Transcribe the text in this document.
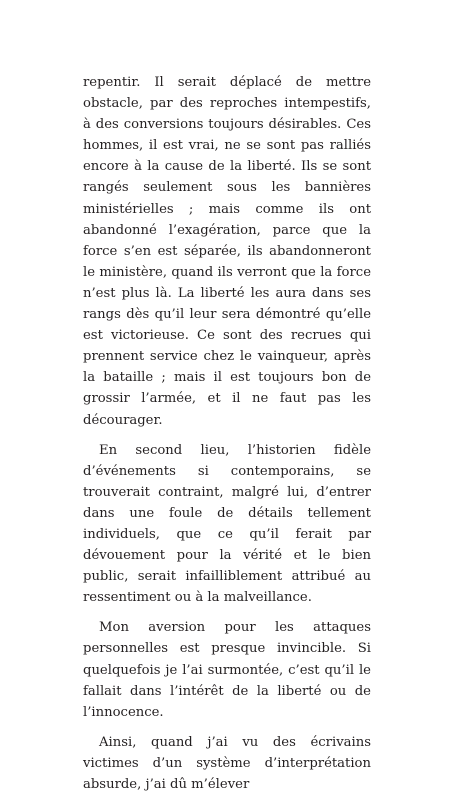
repentir. Il serait déplacé de mettre obstacle, par des reproches intempestifs, à des conversions toujours désirables. Ces hommes, il est vrai, ne se sont pas ralliés encore à la cause de la liberté. Ils se sont rangés seulement sous les bannières ministérielles ; mais comme ils ont abandonné l’exagération, parce que la force s’en est séparée, ils abandonneront le ministère, quand ils verront que la force n’est plus là. La liberté les aura dans ses rangs dès qu’il leur sera démontré qu’elle est victorieuse. Ce sont des recrues qui prennent service chez le vainqueur, après la bataille ; mais il est toujours bon de grossir l’armée, et il ne faut pas les décourager.

En second lieu, l’historien fidèle d’événements si contemporains, se trouverait contraint, malgré lui, d’entrer dans une foule de détails tellement individuels, que ce qu’il ferait par dévouement pour la vérité et le bien public, serait infailliblement attribué au ressentiment ou à la malveillance.

Mon aversion pour les attaques personnelles est presque invincible. Si quelquefois je l’ai surmontée, c’est qu’il le fallait dans l’intérêt de la liberté ou de l’innocence.

Ainsi, quand j’ai vu des écrivains victimes d’un système d’interprétation absurde, j’ai dû m’élever
